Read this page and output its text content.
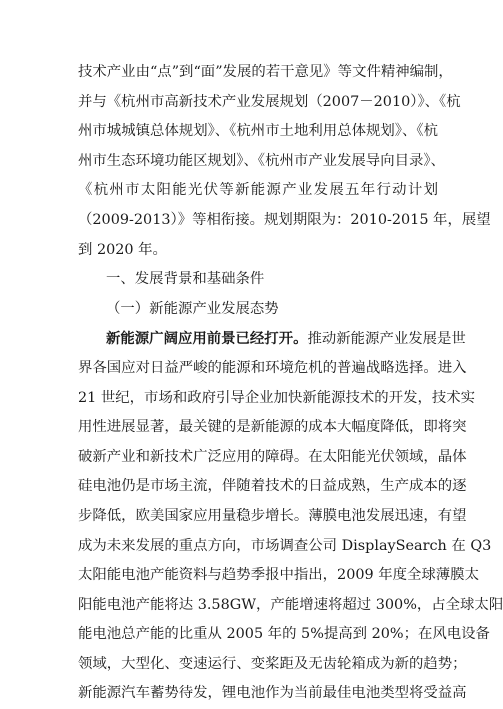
技术产业由“点”到“面”发展的若干意见》等文件精神编制，
并与《杭州市高新技术产业发展规划（2007－2010）》、《杭
州市城城镇总体规划》、《杭州市土地利用总体规划》、《杭
州市生态环境功能区规划》、《杭州市产业发展导向目录》、
《杭州市太阳能光伏等新能源产业发展五年行动计划
（2009-2013）》等相衔接。规划期限为：2010-2015 年，展望
到 2020 年。
一、发展背景和基础条件
（一）新能源产业发展态势
新能源广阔应用前景已经打开。推动新能源产业发展是世
界各国应对日益严峻的能源和环境危机的普遍战略选择。进入
21 世纪，市场和政府引导企业加快新能源技术的开发，技术实
用性进展显著，最关键的是新能源的成本大幅度降低，即将突
破新产业和新技术广泛应用的障碍。在太阳能光伏领域，晶体
硅电池仍是市场主流，伴随着技术的日益成熟，生产成本的逐
步降低，欧美国家应用量稳步增长。薄膜电池发展迅速，有望
成为未来发展的重点方向，市场调查公司 DisplaySearch 在 Q3
太阳能电池产能资料与趋势季报中指出，2009 年度全球薄膜太
阳能电池产能将达 3.58GW，产能增速将超过 300%，占全球太阳
能电池总产能的比重从 2005 年的 5%提高到 20%；在风电设备
领域，大型化、变速运行、变桨距及无齿轮箱成为新的趋势；
新能源汽车蓄势待发，锂电池作为当前最佳电池类型将受益高
